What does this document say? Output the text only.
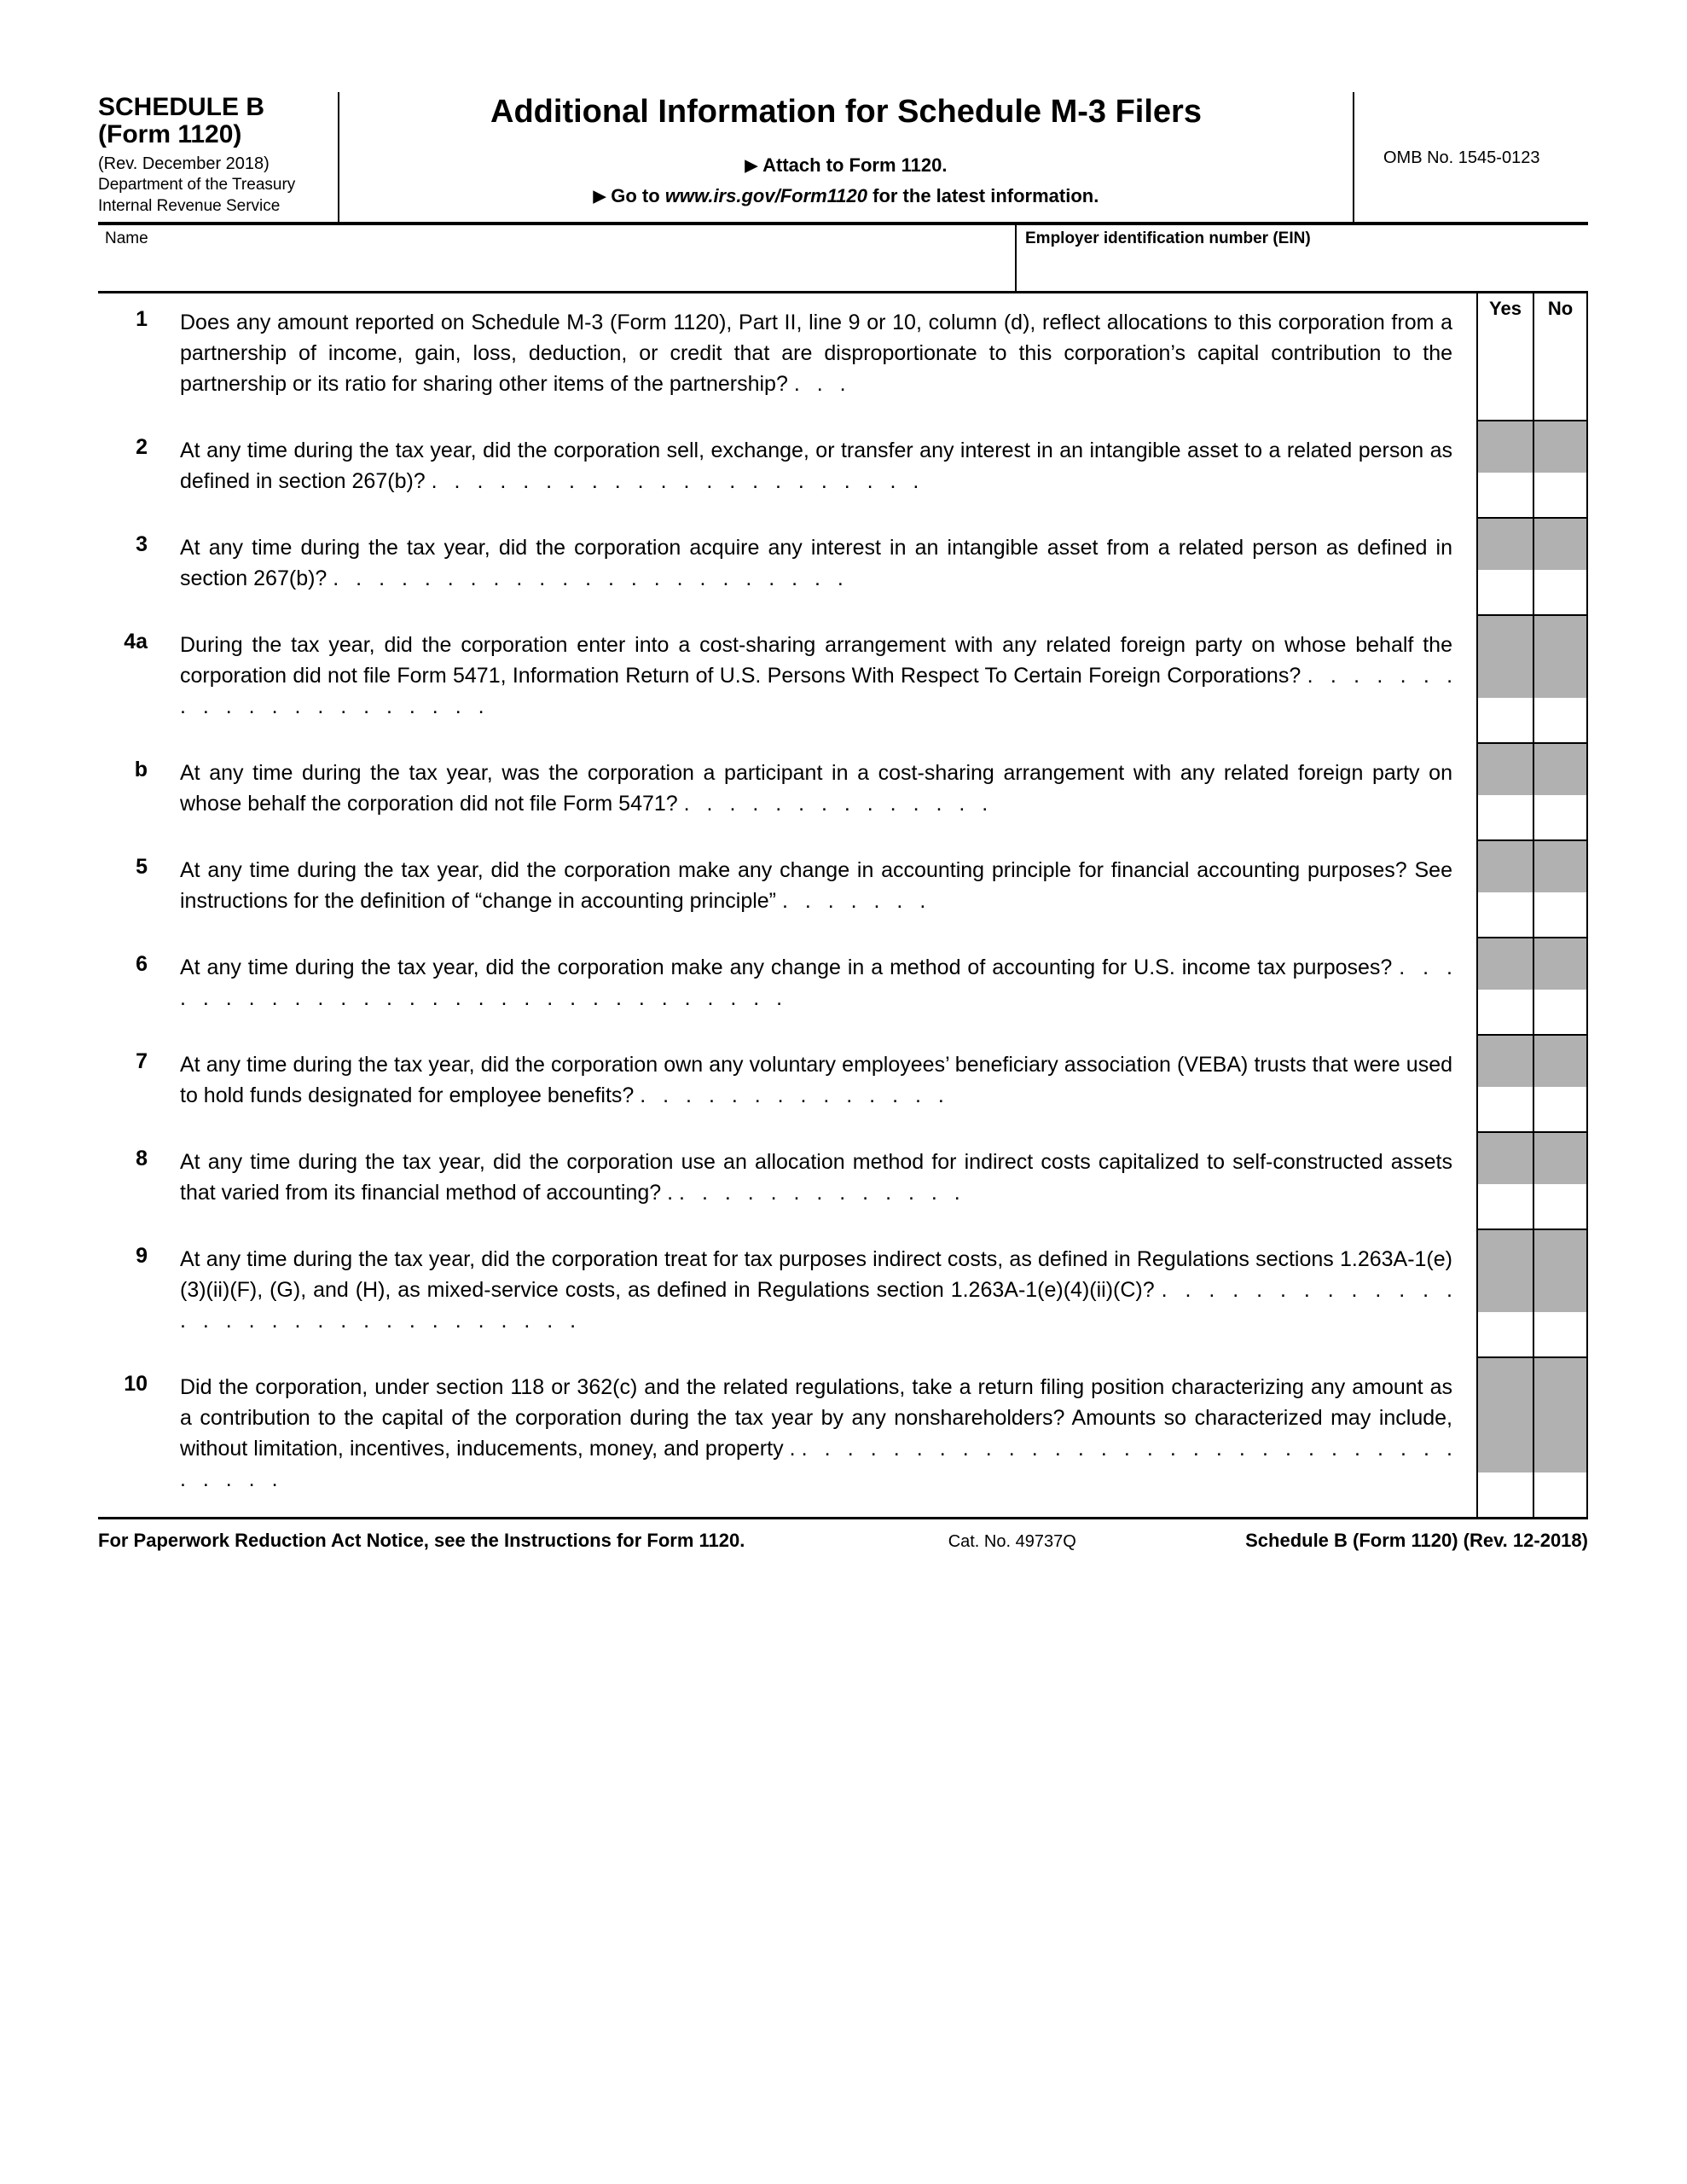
SCHEDULE B
(Form 1120)
(Rev. December 2018)
Department of the Treasury
Internal Revenue Service
Additional Information for Schedule M-3 Filers
▶ Attach to Form 1120.
▶ Go to www.irs.gov/Form1120 for the latest information.
OMB No. 1545-0123
Name	Employer identification number (EIN)
1	Does any amount reported on Schedule M-3 (Form 1120), Part II, line 9 or 10, column (d), reflect allocations to this corporation from a partnership of income, gain, loss, deduction, or credit that are disproportionate to this corporation’s capital contribution to the partnership or its ratio for sharing other items of the partnership? . . .
Yes	No
2	At any time during the tax year, did the corporation sell, exchange, or transfer any interest in an intangible asset to a related person as defined in section 267(b)? . . . . . . . . . . . . . . . . . . . . . .
3	At any time during the tax year, did the corporation acquire any interest in an intangible asset from a related person as defined in section 267(b)? . . . . . . . . . . . . . . . . . . . . . . .
4a	During the tax year, did the corporation enter into a cost-sharing arrangement with any related foreign party on whose behalf the corporation did not file Form 5471, Information Return of U.S. Persons With Respect To Certain Foreign Corporations? . . . . . . . . . . . . . . . . . . . . .
b	At any time during the tax year, was the corporation a participant in a cost-sharing arrangement with any related foreign party on whose behalf the corporation did not file Form 5471? . . . . . . . . . . . . . .
5	At any time during the tax year, did the corporation make any change in accounting principle for financial accounting purposes? See instructions for the definition of “change in accounting principle” . . . . . . .
6	At any time during the tax year, did the corporation make any change in a method of accounting for U.S. income tax purposes? . . . . . . . . . . . . . . . . . . . . . . . . . . . . . .
7	At any time during the tax year, did the corporation own any voluntary employees’ beneficiary association (VEBA) trusts that were used to hold funds designated for employee benefits? . . . . . . . . . . . . . .
8	At any time during the tax year, did the corporation use an allocation method for indirect costs capitalized to self-constructed assets that varied from its financial method of accounting? . . . . . . . . . . . . . .
9	At any time during the tax year, did the corporation treat for tax purposes indirect costs, as defined in Regulations sections 1.263A-1(e)(3)(ii)(F), (G), and (H), as mixed-service costs, as defined in Regulations section 1.263A-1(e)(4)(ii)(C)? . . . . . . . . . . . . . . . . . . . . . . . . . . . . . . .
10	Did the corporation, under section 118 or 362(c) and the related regulations, take a return filing position characterizing any amount as a contribution to the capital of the corporation during the tax year by any nonshareholders? Amounts so characterized may include, without limitation, incentives, inducements, money, and property . . . . . . . . . . . . . . . . . . . . . . . . . . . . . . . . . . .
For Paperwork Reduction Act Notice, see the Instructions for Form 1120.	Cat. No. 49737Q	Schedule B (Form 1120) (Rev. 12-2018)
